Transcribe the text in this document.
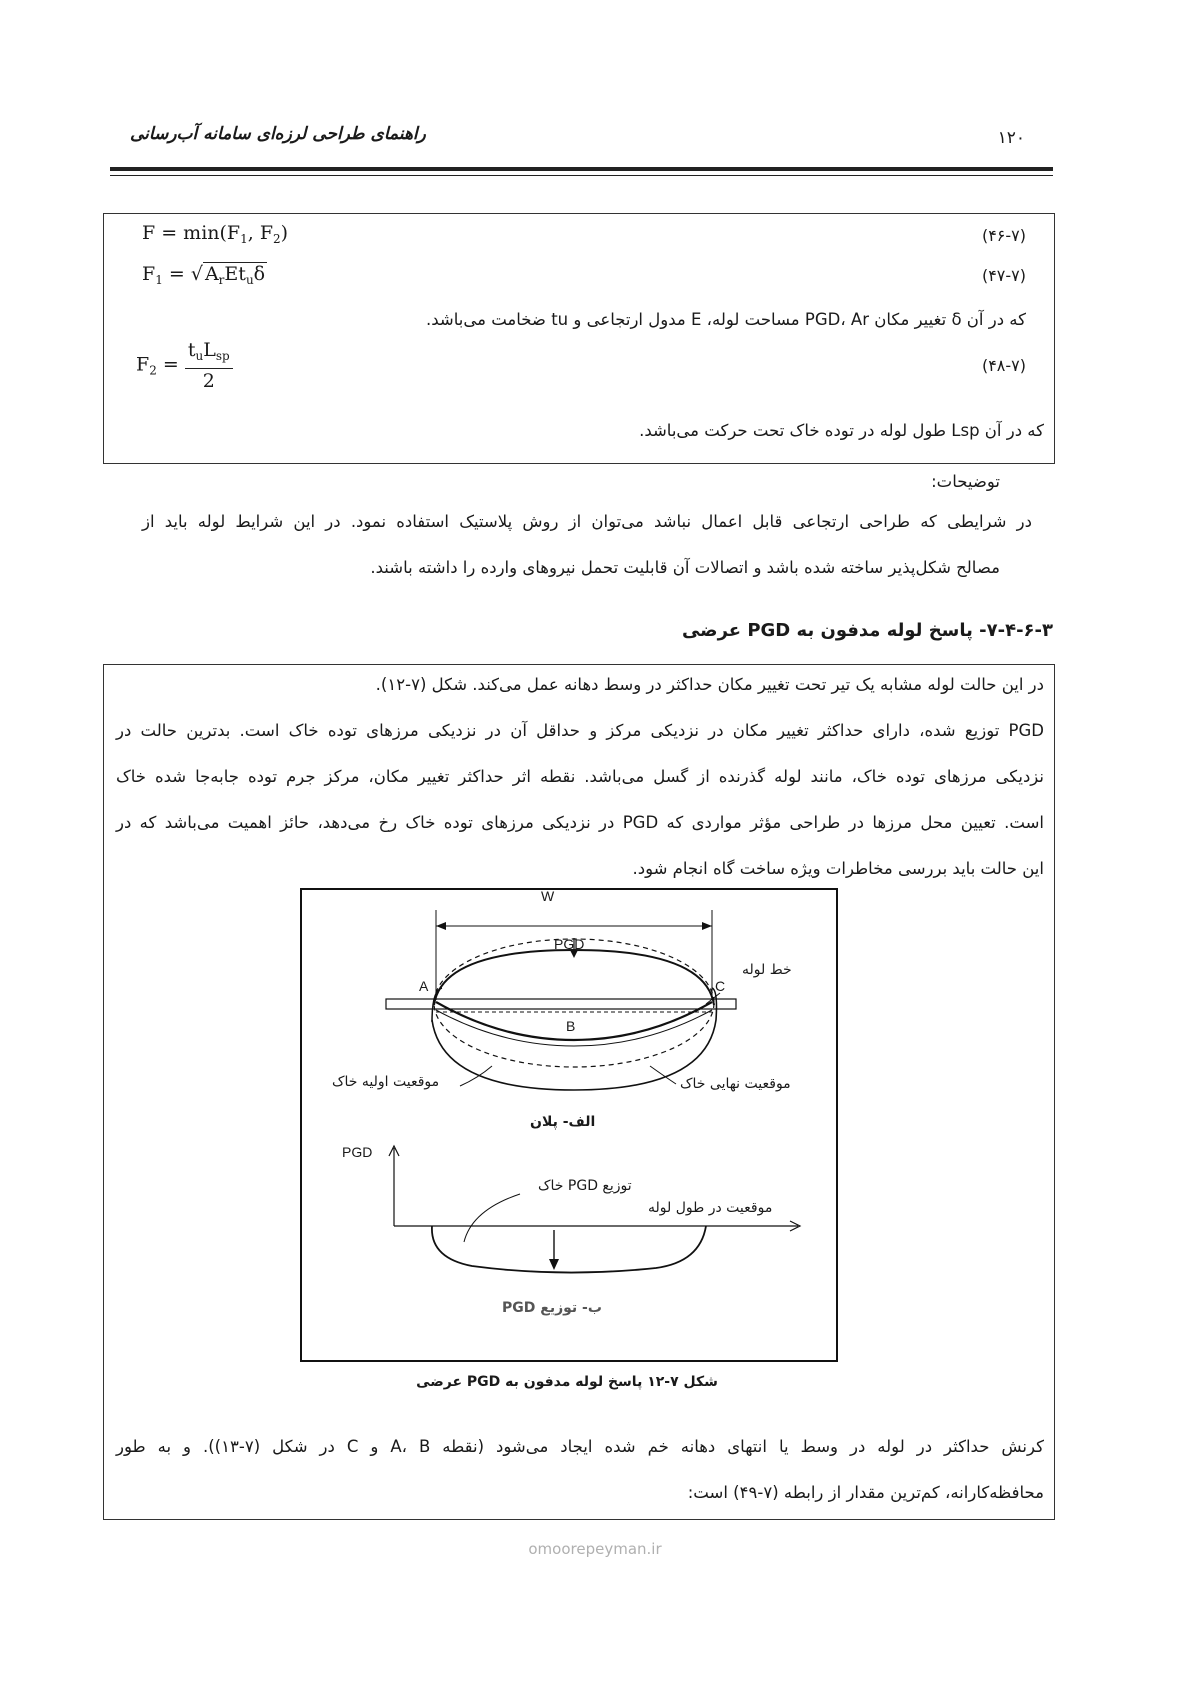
۱۲۰
راهنمای طراحی لرزه‌ای سامانه آب‌رسانی
$F = \min(F_1$, $F_2$)	(۴۶-۷)
$F_1$ = √ $A_rEt_u\delta$	(۴۷-۷)
که در آن δ تغییر مکان PGD، Ar مساحت لوله، E مدول ارتجاعی و tu ضخامت می‌باشد.
$F_2 = \frac{t_uL_{sp}}{2}$	(۴۸-۷)
که در آن Lsp طول لوله در توده خاک تحت حرکت می‌باشد.
توضیحات:
در شرایطی که طراحی ارتجاعی قابل اعمال نباشد می‌توان از روش پلاستیک استفاده نمود. در این شرایط لوله باید از
مصالح شکل‌پذیر ساخته شده باشد و اتصالات آن قابلیت تحمل نیروهای وارده را داشته باشند.
۷-۴-۶-۳- پاسخ لوله مدفون به PGD عرضی
در این حالت لوله مشابه یک تیر تحت تغییر مکان حداکثر در وسط دهانه عمل می‌کند. شکل (۷-۱۲).
PGD توزیع شده، دارای حداکثر تغییر مکان در نزدیکی مرکز و حداقل آن در نزدیکی مرزهای توده خاک است. بدترین حالت در
نزدیکی مرزهای توده خاک، مانند لوله گذرنده از گسل می‌باشد. نقطه اثر حداکثر تغییر مکان، مرکز جرم توده جابه‌جا شده خاک
است. تعیین محل مرزها در طراحی مؤثر مواردی که PGD در نزدیکی مرزهای توده خاک رخ می‌دهد، حائز اهمیت می‌باشد که در
این حالت باید بررسی مخاطرات ویژه ساخت گاه انجام شود.
کرنش حداکثر در لوله در وسط یا انتهای دهانه خم شده ایجاد می‌شود (نقطه A، B و C در شکل (۷-۱۳)). و به طور
محافظه‌کارانه، کم‌ترین مقدار از رابطه (۷-۴۹) است:
W
PGD
A
B
C
خط لوله
موقعیت اولیه خاک	موقعیت نهایی خاک
الف- پلان
PGD
توزیع PGD خاک
موقعیت در طول لوله
ب- توزیع PGD
شکل ۷-۱۲ پاسخ لوله مدفون به PGD عرضی
omoorepeyman.ir
